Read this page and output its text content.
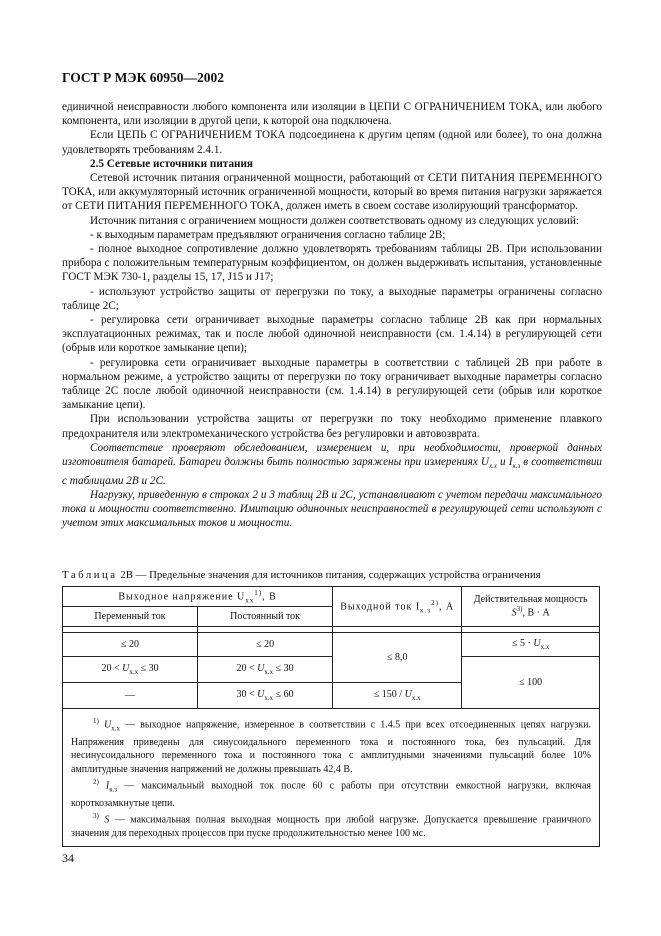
ГОСТ Р МЭК 60950—2002

единичной неисправности любого компонента или изоляции в ЦЕПИ С ОГРАНИЧЕНИЕМ ТОКА, или любого компонента, или изоляции в другой цепи, к которой она подключена.

Если ЦЕПЬ С ОГРАНИЧЕНИЕМ ТОКА подсоединена к другим цепям (одной или более), то она должна удовлетворять требованиям 2.4.1.

2.5 Сетевые источники питания

Сетевой источник питания ограниченной мощности, работающий от СЕТИ ПИТАНИЯ ПЕРЕМЕННОГО ТОКА, или аккумуляторный источник ограниченной мощности, который во время питания нагрузки заряжается от СЕТИ ПИТАНИЯ ПЕРЕМЕННОГО ТОКА, должен иметь в своем составе изолирующий трансформатор.

Источник питания с ограничением мощности должен соответствовать одному из следующих условий:

- к выходным параметрам предъявляют ограничения согласно таблице 2В;

- полное выходное сопротивление должно удовлетворять требованиям таблицы 2В. При использовании прибора с положительным температурным коэффициентом, он должен выдерживать испытания, установленные ГОСТ МЭК 730-1, разделы 15, 17, J15 и J17;

- используют устройство защиты от перегрузки по току, а выходные параметры ограничены согласно таблице 2С;

- регулировка сети ограничивает выходные параметры согласно таблице 2В как при нормальных эксплуатационных режимах, так и после любой одиночной неисправности (см. 1.4.14) в регулирующей сети (обрыв или короткое замыкание цепи);

- регулировка сети ограничивает выходные параметры в соответствии с таблицей 2В при работе в нормальном режиме, а устройство защиты от перегрузки по току ограничивает выходные параметры согласно таблице 2С после любой одиночной неисправности (см. 1.4.14) в регулирующей сети (обрыв или короткое замыкание цепи).

При использовании устройства защиты от перегрузки по току необходимо применение плавкого предохранителя или электромеханического устройства без регулировки и автовозврата.

Соответствие проверяют обследованием, измерением и, при необходимости, проверкой данных изготовителя батарей. Батареи должны быть полностью заряжены при измерениях $U_{х.х}$ и $I_{к.з}$ в соответствии с таблицами 2В и 2С.

Нагрузку, приведенную в строках 2 и 3 таблиц 2В и 2С, устанавливают с учетом передачи максимального тока и мощности соответственно. Имитацию одиночных неисправностей в регулирующей сети используют с учетом этих максимальных токов и мощности.

Таблица 2В — Предельные значения для источников питания, содержащих устройства ограничения
Выходное напряжение $U_{хх}^{1)}$, В		Выходной ток $I_{к.з}^{2)}$, А	Действительная мощность
$S^{3)}$, В · А
Переменный ток	Постоянный ток		

≤ 20	≤ 20	≤ 8,0	≤ $5 \cdot U_{х.х}$
$20 < U_{х.х} \le 30$	$20 < U_{х.х} \le 30$		≤ 100
—	$30 < U_{х.х} \le 60$	≤ $150 / U_{х.х}$

$^{1)}$ $U_{х.х}$ — выходное напряжение, измеренное в соответствии с 1.4.5 при всех отсоединенных цепях нагрузки. Напряжения приведены для синусоидального переменного тока и постоянного тока, без пульсаций. Для несинусоидального переменного тока и постоянного тока с амплитудными значениями пульсаций более 10% амплитудные значения напряжений не должны превышать 42,4 В.

$^{2)}$ $I_{к.з}$ — максимальный выходной ток после 60 с работы при отсутствии емкостной нагрузки, включая короткозамкнутые цепи.

$^{3)}$ S — максимальная полная выходная мощность при любой нагрузке. Допускается превышение граничного значения для переходных процессов при пуске продолжительностью менее 100 мс.			

34
